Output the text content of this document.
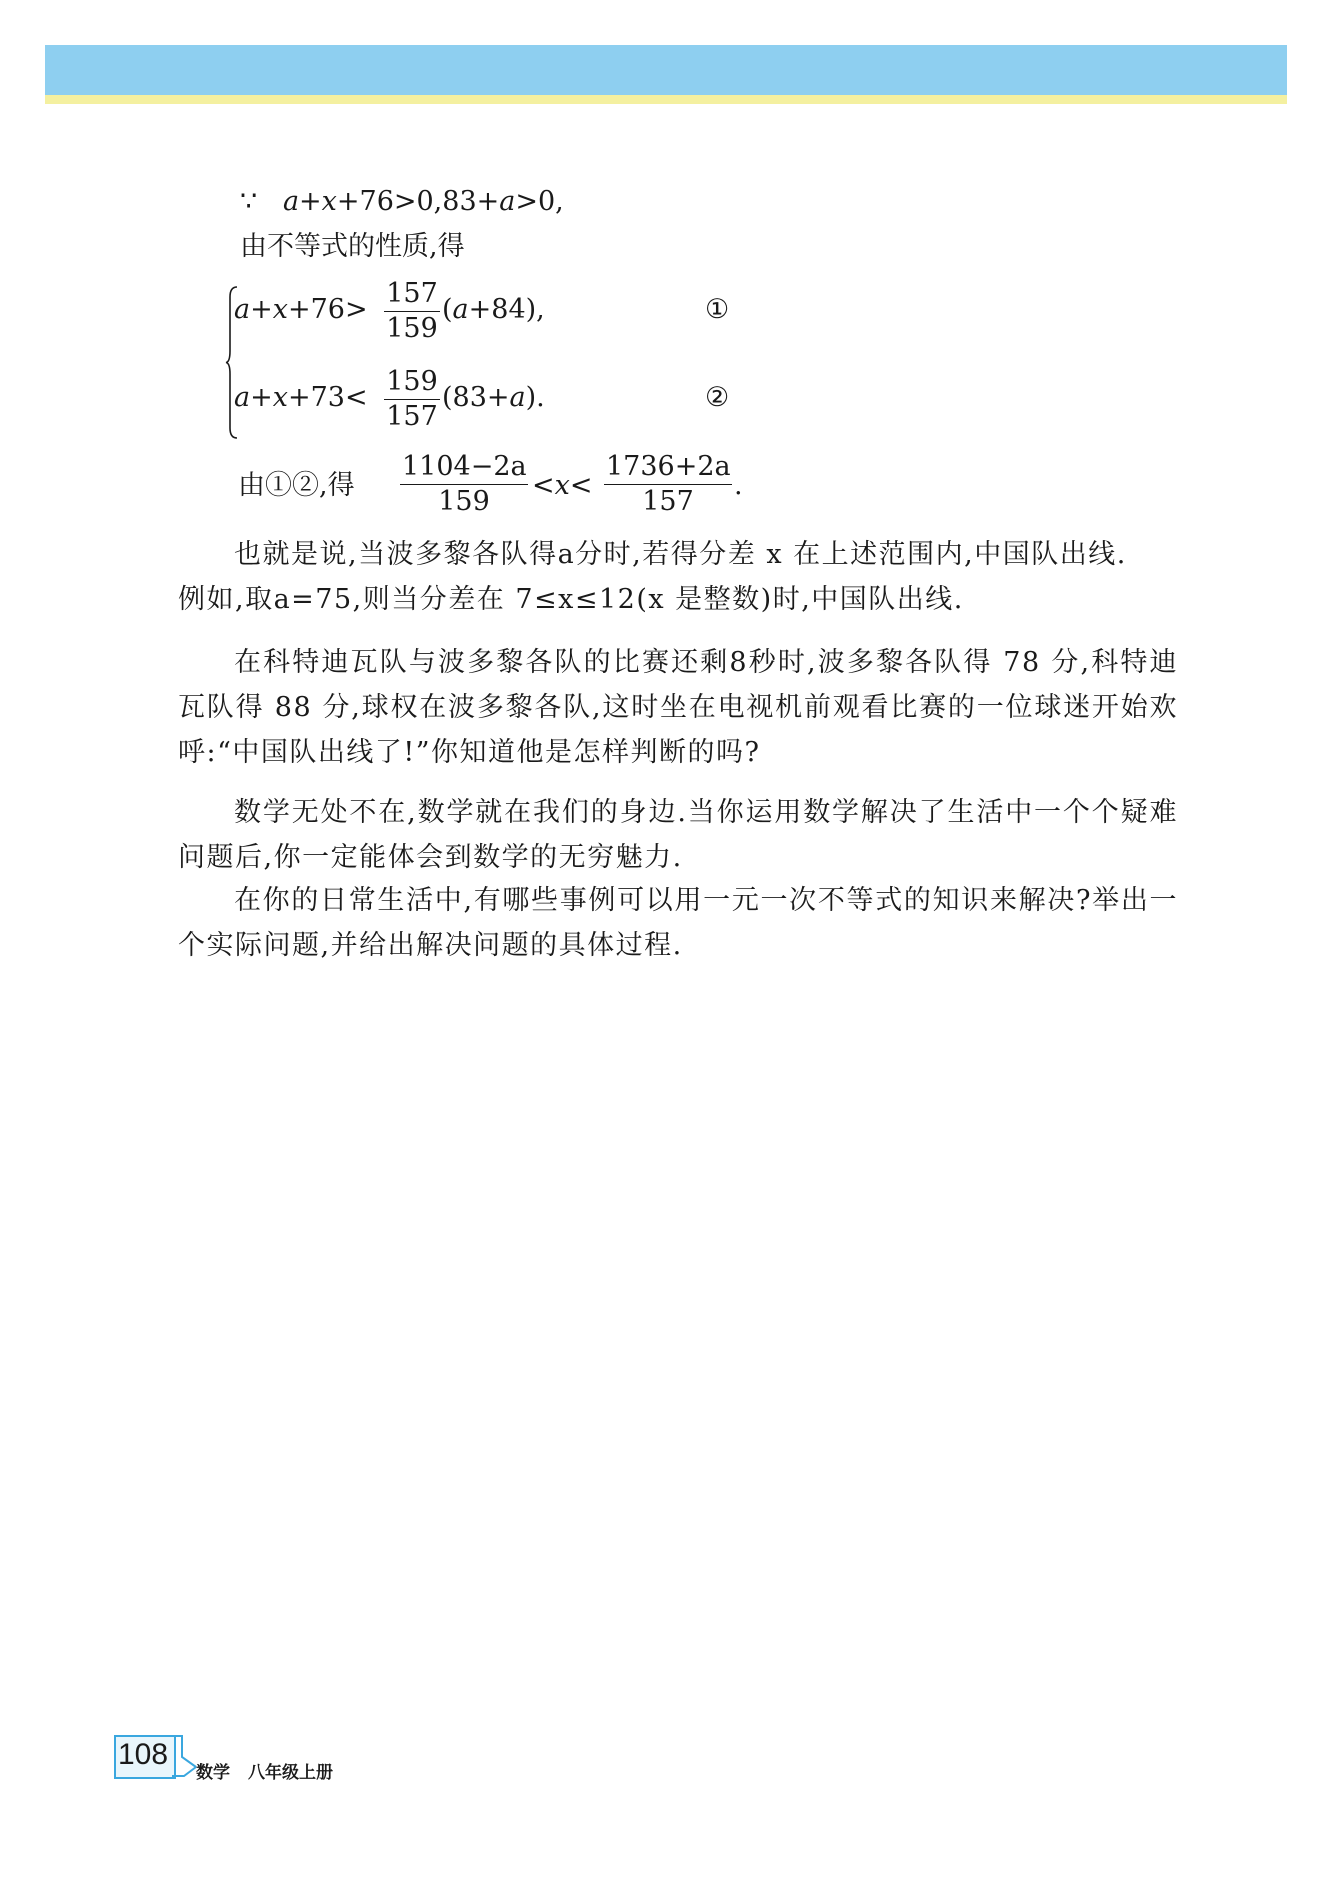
∵ a+x+76>0,83+a>0,
由不等式的性质,得
$a+x+76> \frac{157}{159} (a+84)$,	①
$a+x+73< \frac{159}{157} (83+a)$.	②
由①②,得 $\frac{1104-2a}{159} <x< \frac{1736+2a}{157}$ .

也就是说,当波多黎各队得a分时,若得分差 x 在上述范围内,中国队出线.

例如,取a=75,则当分差在 7≤x≤12(x 是整数)时,中国队出线.

在科特迪瓦队与波多黎各队的比赛还剩8秒时,波多黎各队得 78 分,科特迪瓦队得 88 分,球权在波多黎各队,这时坐在电视机前观看比赛的一位球迷开始欢呼:“中国队出线了!”你知道他是怎样判断的吗?

数学无处不在,数学就在我们的身边.当你运用数学解决了生活中一个个疑难问题后,你一定能体会到数学的无穷魅力.

在你的日常生活中,有哪些事例可以用一元一次不等式的知识来解决?举出一个实际问题,并给出解决问题的具体过程.

108
数学 八年级上册
